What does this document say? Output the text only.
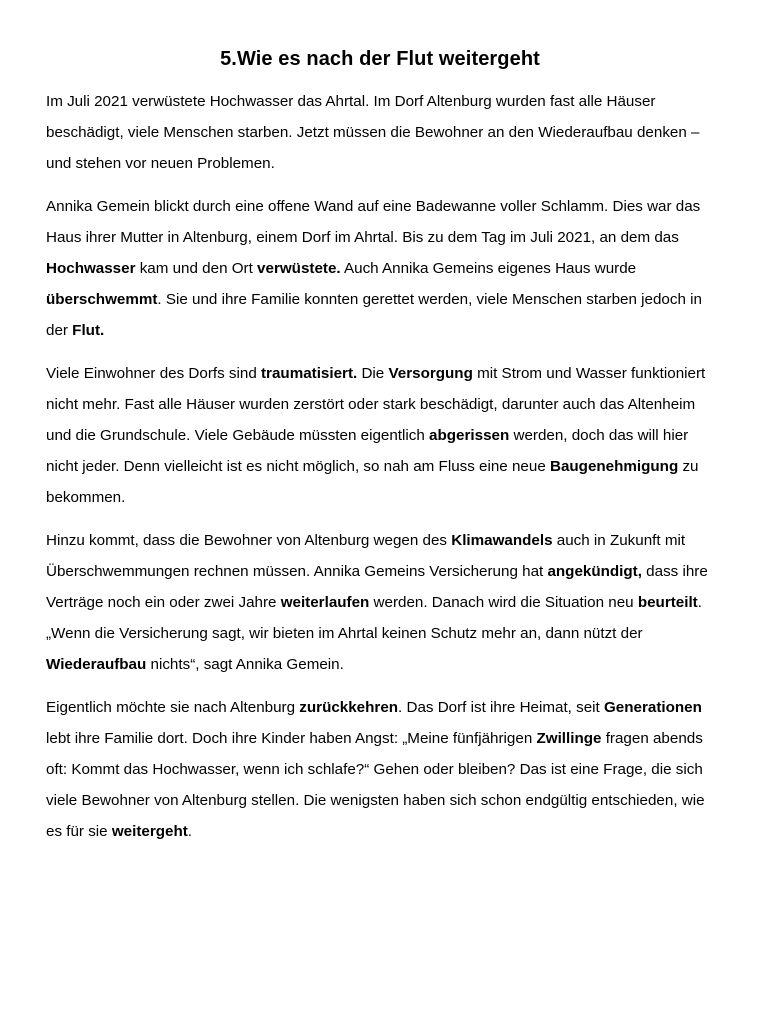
5.Wie es nach der Flut weitergeht

Im Juli 2021 verwüstete Hochwasser das Ahrtal. Im Dorf Altenburg wurden fast alle Häuser beschädigt, viele Menschen starben. Jetzt müssen die Bewohner an den Wiederaufbau denken – und stehen vor neuen Problemen.

Annika Gemein blickt durch eine offene Wand auf eine Badewanne voller Schlamm. Dies war das Haus ihrer Mutter in Altenburg, einem Dorf im Ahrtal. Bis zu dem Tag im Juli 2021, an dem das Hochwasser kam und den Ort verwüstete. Auch Annika Gemeins eigenes Haus wurde überschwemmt. Sie und ihre Familie konnten gerettet werden, viele Menschen starben jedoch in der Flut.

Viele Einwohner des Dorfs sind traumatisiert. Die Versorgung mit Strom und Wasser funktioniert nicht mehr. Fast alle Häuser wurden zerstört oder stark beschädigt, darunter auch das Altenheim und die Grundschule. Viele Gebäude müssten eigentlich abgerissen werden, doch das will hier nicht jeder. Denn vielleicht ist es nicht möglich, so nah am Fluss eine neue Baugenehmigung zu bekommen.

Hinzu kommt, dass die Bewohner von Altenburg wegen des Klimawandels auch in Zukunft mit Überschwemmungen rechnen müssen. Annika Gemeins Versicherung hat angekündigt, dass ihre Verträge noch ein oder zwei Jahre weiterlaufen werden. Danach wird die Situation neu beurteilt. „Wenn die Versicherung sagt, wir bieten im Ahrtal keinen Schutz mehr an, dann nützt der Wiederaufbau nichts“, sagt Annika Gemein.

Eigentlich möchte sie nach Altenburg zurückkehren. Das Dorf ist ihre Heimat, seit Generationen lebt ihre Familie dort. Doch ihre Kinder haben Angst: „Meine fünfjährigen Zwillinge fragen abends oft: Kommt das Hochwasser, wenn ich schlafe?“ Gehen oder bleiben? Das ist eine Frage, die sich viele Bewohner von Altenburg stellen. Die wenigsten haben sich schon endgültig entschieden, wie es für sie weitergeht.
